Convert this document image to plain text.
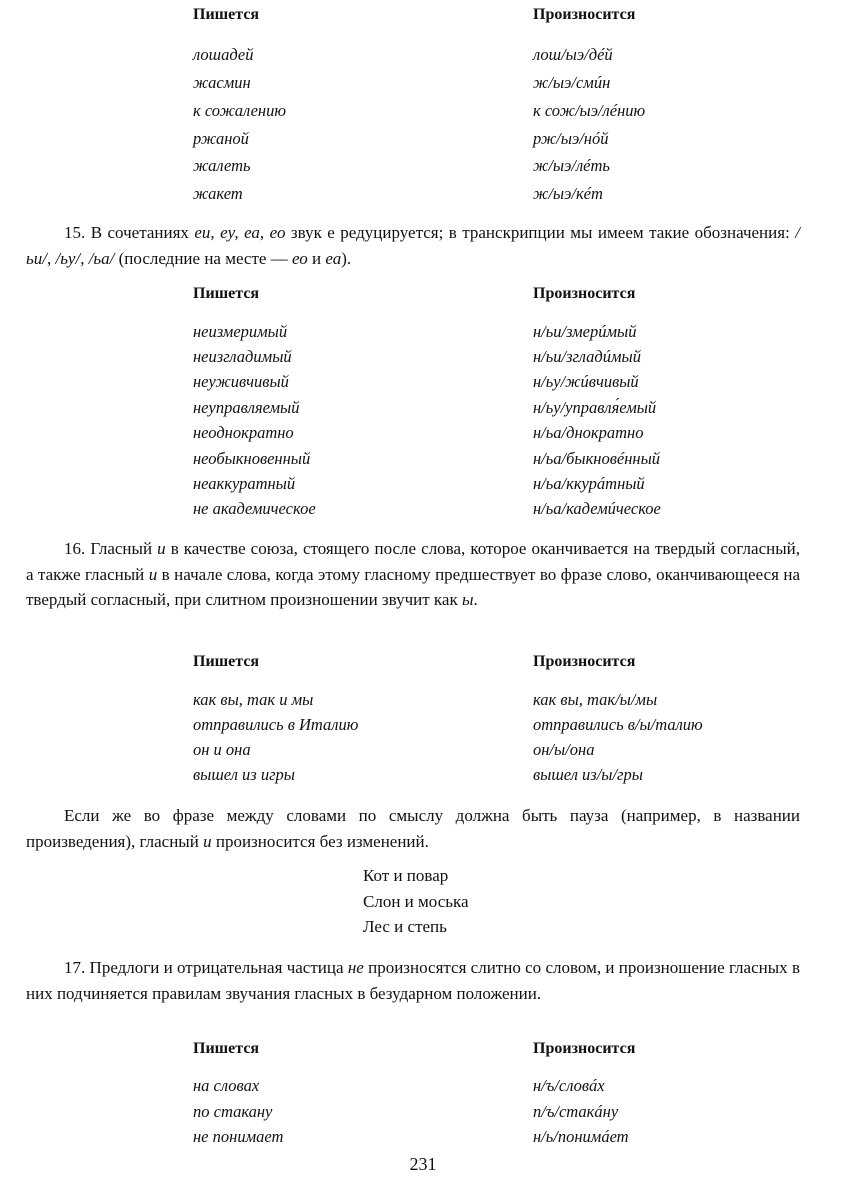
Пишется	Произносится
лошадей	лош/ыэ/дéй
жасмин	ж/ыэ/смúн
к сожалению	к сож/ыэ/лéнию
ржаной	рж/ыэ/нóй
жалеть	ж/ыэ/лéть
жакет	ж/ыэ/кéт
15. В сочетаниях еи, еу, еа, ео звук е редуцируется; в транскрипции мы имеем такие обозначения: /ьи/, /ьу/, /ьа/ (последние на месте — ео и еа).
Пишется	Произносится
неизмеримый	н/ьи/змерúмый
неизгладимый	н/ьи/згладúмый
неуживчивый	н/ьу/жúвчивый
неуправляемый	н/ьу/управля́емый
неоднократно	н/ьа/днократно
необыкновенный	н/ьа/быкновéнный
неаккуратный	н/ьа/ккурáтный
не академическое	н/ьа/кадемúческое
16. Гласный и в качестве союза, стоящего после слова, которое оканчивается на твердый согласный, а также гласный и в начале слова, когда этому гласному предшествует во фразе слово, оканчивающееся на твердый согласный, при слитном произношении звучит как ы.
Пишется	Произносится
как вы, так и мы	как вы, так/ы/мы
отправились в Италию	отправились в/ы/талию
он и она	он/ы/она
вышел из игры	вышел из/ы/гры
Если же во фразе между словами по смыслу должна быть пауза (например, в названии произведения), гласный и произносится без изменений.
Кот и повар
Слон и моська
Лес и степь
17. Предлоги и отрицательная частица не произносятся слитно со словом, и произношение гласных в них подчиняется правилам звучания гласных в безударном положении.
Пишется	Произносится
на словах	н/ъ/словáх
по стакану	п/ъ/стакáну
не понимает	н/ь/понимáет
231
